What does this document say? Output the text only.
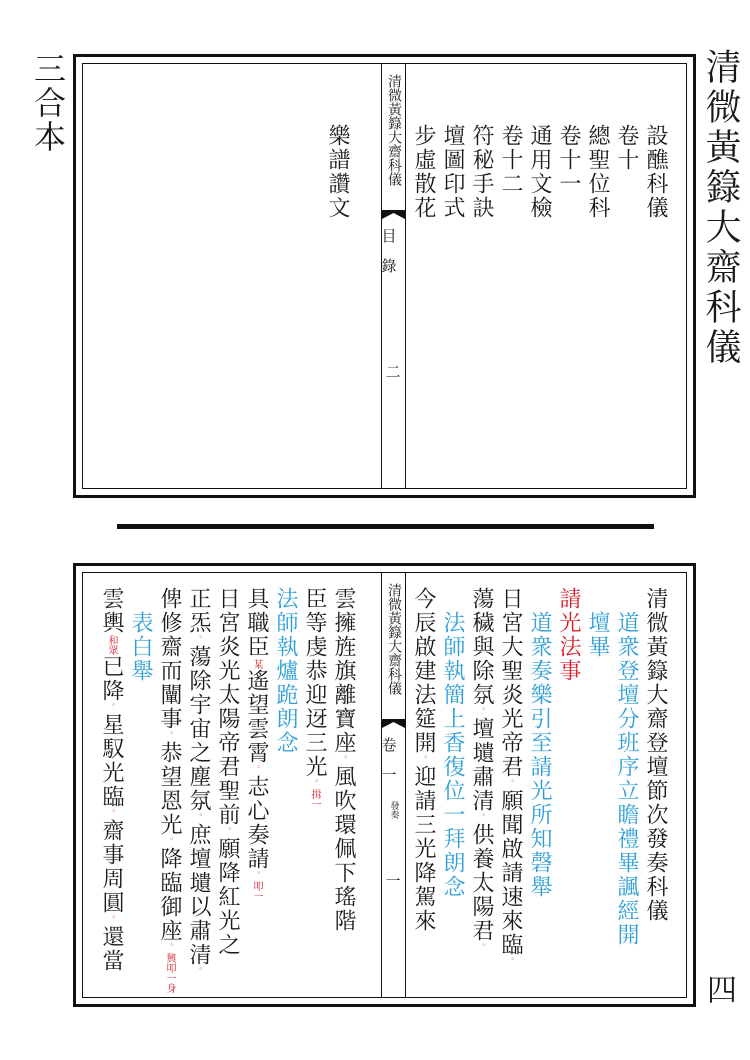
清微黃籙大齋科儀
三合本
四
清微黃籙大齋科儀
目　錄
二
設醮科儀
卷十
總聖位科
卷十一
通用文檢
卷十二
符秘手訣
壇圖印式
步虛散花
樂譜讚文
清微黃籙大齋科儀
卷　一
發奏
一	清微黃籙大齋登壇節次發奏科儀
　道衆登壇分班序立瞻禮畢諷經開
　壇畢
請光法事
　道衆奏樂引至請光所知磬舉
日宮大聖炎光帝君。願聞啟請速來臨。
蕩穢與除氛。壇壝肅清。供養太陽君。
　法師執簡上香復位一拜朗念
今辰啟建法筵開。迎請三光降駕來
雲擁旌旗離寶座。風吹環佩下瑤階
臣等虔恭迎迓三光。揖一
法師執爐跪朗念
具職臣某遙望雲霄。志心奏請。叩一
日宮炎光太陽帝君聖前。願降紅光之
正炁。蕩除宇宙之塵氛。庶壇壝以肅清。
俾修齋而闡事。恭望恩光。降臨御座。興叩一身
　表白舉
雲輿和眾已降。星馭光臨。齋事周圓。還當
